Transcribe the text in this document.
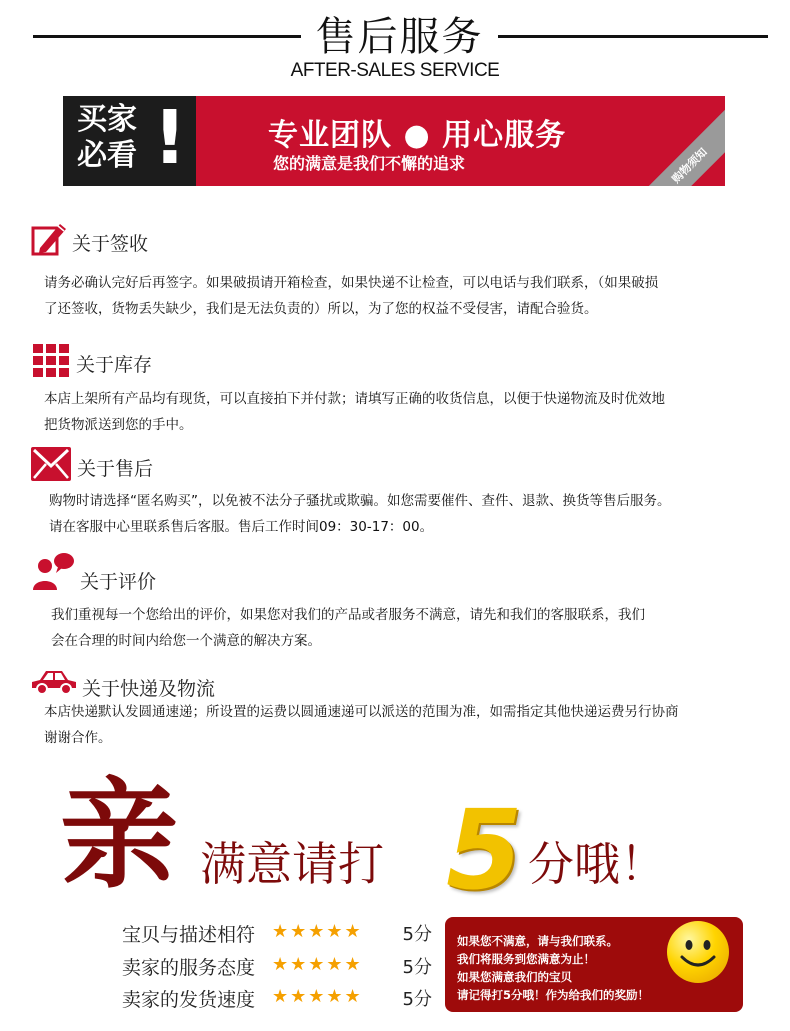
售后服务
AFTER-SALES SERVICE
买家
必看 !	专业团队 ● 用心服务
您的满意是我们不懈的追求	购物须知
关于签收
请务必确认完好后再签字。如果破损请开箱检查，如果快递不让检查，可以电话与我们联系，（如果破损
了还签收，货物丢失缺少，我们是无法负责的）所以，为了您的权益不受侵害，请配合验货。
关于库存
本店上架所有产品均有现货，可以直接拍下并付款；请填写正确的收货信息，以便于快递物流及时优效地
把货物派送到您的手中。
关于售后
购物时请选择“匿名购买”，以免被不法分子骚扰或欺骗。如您需要催件、查件、退款、换货等售后服务。
请在客服中心里联系售后客服。售后工作时间09：30-17：00。
关于评价
我们重视每一个您给出的评价，如果您对我们的产品或者服务不满意，请先和我们的客服联系，我们
会在合理的时间内给您一个满意的解决方案。
关于快递及物流
本店快递默认发圆通速递；所设置的运费以圆通速递可以派送的范围为准，如需指定其他快递运费另行协商
谢谢合作。
亲 满意请打 5 分哦！
宝贝与描述相符 ★★★★★ 5分
卖家的服务态度 ★★★★★ 5分
卖家的发货速度 ★★★★★ 5分
如果您不满意，请与我们联系。
我们将服务到您满意为止！
如果您满意我们的宝贝
请记得打5分哦！作为给我们的奖励！
